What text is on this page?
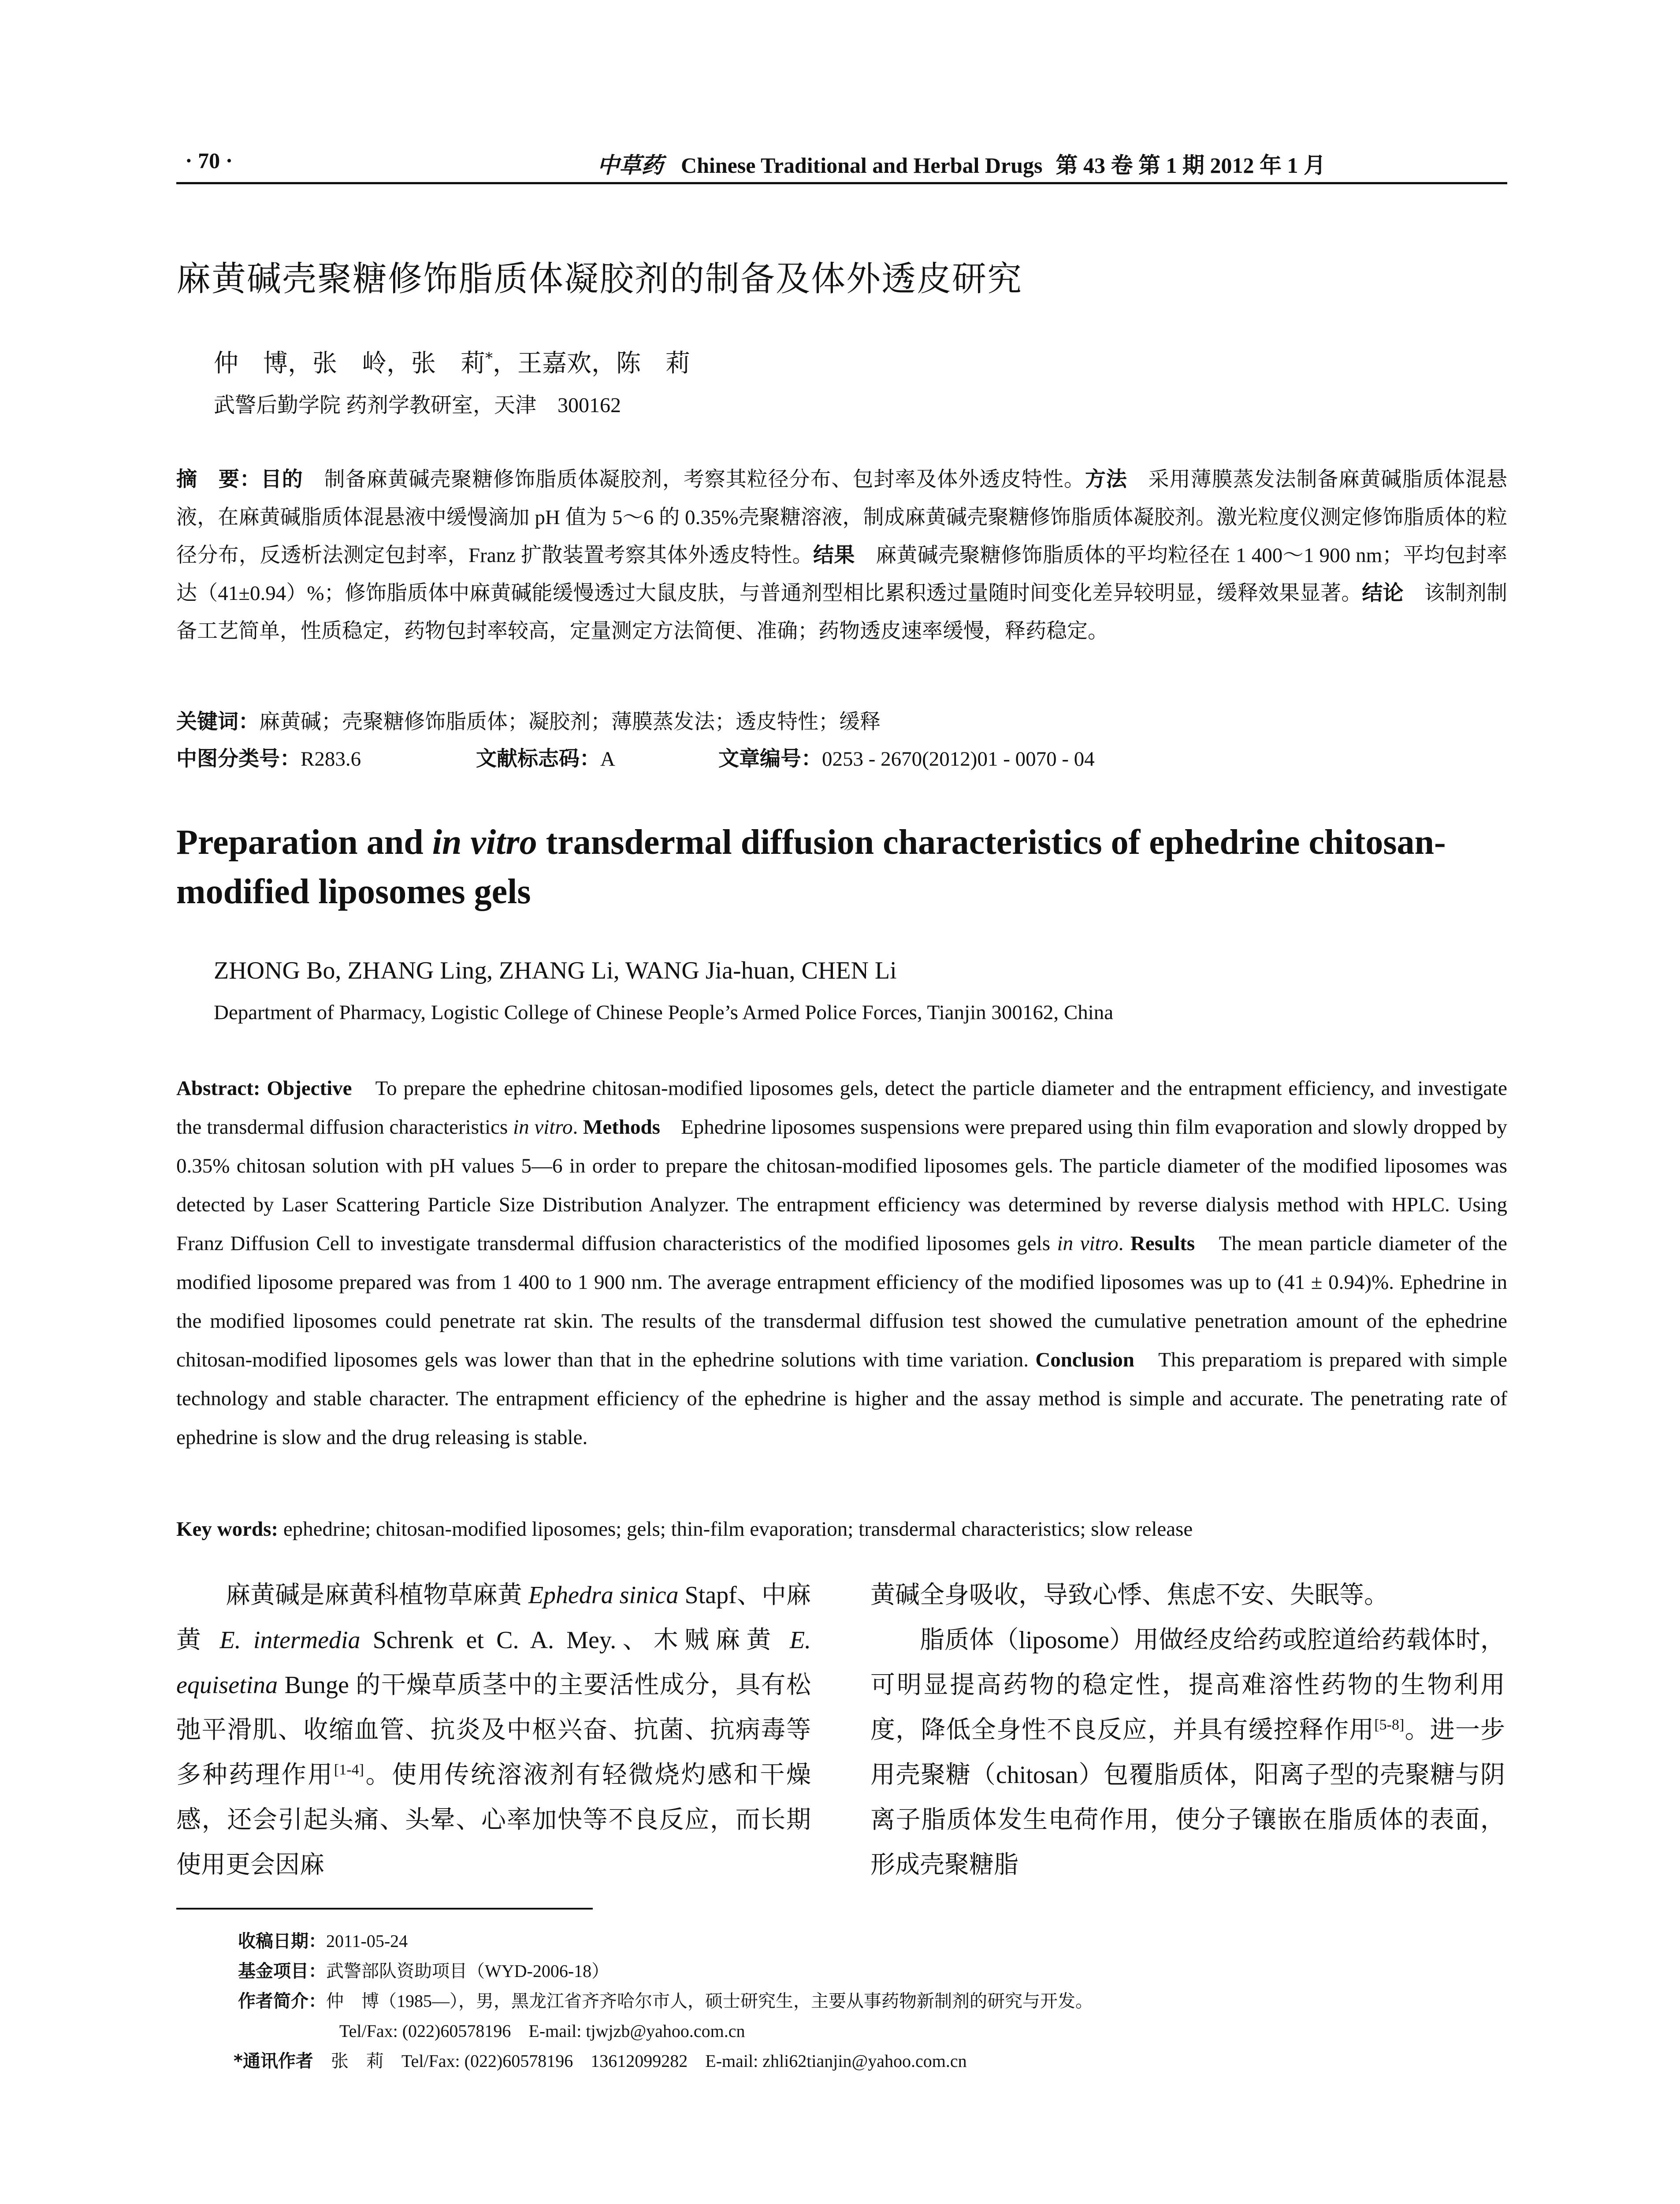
· 70 ·	中草药 Chinese Traditional and Herbal Drugs 第 43 卷 第 1 期 2012 年 1 月
麻黄碱壳聚糖修饰脂质体凝胶剂的制备及体外透皮研究
仲　博，张　岭，张　莉*，王嘉欢，陈　莉
武警后勤学院 药剂学教研室，天津　300162
摘　要：目的　制备麻黄碱壳聚糖修饰脂质体凝胶剂，考察其粒径分布、包封率及体外透皮特性。方法　采用薄膜蒸发法制备麻黄碱脂质体混悬液，在麻黄碱脂质体混悬液中缓慢滴加 pH 值为 5～6 的 0.35%壳聚糖溶液，制成麻黄碱壳聚糖修饰脂质体凝胶剂。激光粒度仪测定修饰脂质体的粒径分布，反透析法测定包封率，Franz 扩散装置考察其体外透皮特性。结果　麻黄碱壳聚糖修饰脂质体的平均粒径在 1 400～1 900 nm；平均包封率达（41±0.94）%；修饰脂质体中麻黄碱能缓慢透过大鼠皮肤，与普通剂型相比累积透过量随时间变化差异较明显，缓释效果显著。结论　该制剂制备工艺简单，性质稳定，药物包封率较高，定量测定方法简便、准确；药物透皮速率缓慢，释药稳定。
关键词：麻黄碱；壳聚糖修饰脂质体；凝胶剂；薄膜蒸发法；透皮特性；缓释
中图分类号：R283.6	文献标志码：A	文章编号：0253 - 2670(2012)01 - 0070 - 04
Preparation and in vitro transdermal diffusion characteristics of ephedrine chitosan-modified liposomes gels
ZHONG Bo, ZHANG Ling, ZHANG Li, WANG Jia-huan, CHEN Li
Department of Pharmacy, Logistic College of Chinese People’s Armed Police Forces, Tianjin 300162, China
Abstract: Objective　To prepare the ephedrine chitosan-modified liposomes gels, detect the particle diameter and the entrapment efficiency, and investigate the transdermal diffusion characteristics in vitro. Methods　Ephedrine liposomes suspensions were prepared using thin film evaporation and slowly dropped by 0.35% chitosan solution with pH values 5—6 in order to prepare the chitosan-modified liposomes gels. The particle diameter of the modified liposomes was detected by Laser Scattering Particle Size Distribution Analyzer. The entrapment efficiency was determined by reverse dialysis method with HPLC. Using Franz Diffusion Cell to investigate transdermal diffusion characteristics of the modified liposomes gels in vitro. Results　The mean particle diameter of the modified liposome prepared was from 1 400 to 1 900 nm. The average entrapment efficiency of the modified liposomes was up to (41 ± 0.94)%. Ephedrine in the modified liposomes could penetrate rat skin. The results of the transdermal diffusion test showed the cumulative penetration amount of the ephedrine chitosan-modified liposomes gels was lower than that in the ephedrine solutions with time variation. Conclusion　This preparatiom is prepared with simple technology and stable character. The entrapment efficiency of the ephedrine is higher and the assay method is simple and accurate. The penetrating rate of ephedrine is slow and the drug releasing is stable.
Key words: ephedrine; chitosan-modified liposomes; gels; thin-film evaporation; transdermal characteristics; slow release

麻黄碱是麻黄科植物草麻黄 Ephedra sinica Stapf、中麻黄 E. intermedia Schrenk et C. A. Mey.、木贼麻黄 E. equisetina Bunge 的干燥草质茎中的主要活性成分，具有松弛平滑肌、收缩血管、抗炎及中枢兴奋、抗菌、抗病毒等多种药理作用[1-4]。使用传统溶液剂有轻微烧灼感和干燥感，还会引起头痛、头晕、心率加快等不良反应，而长期使用更会因麻

黄碱全身吸收，导致心悸、焦虑不安、失眠等。

脂质体（liposome）用做经皮给药或腔道给药载体时，可明显提高药物的稳定性，提高难溶性药物的生物利用度，降低全身性不良反应，并具有缓控释作用[5-8]。进一步用壳聚糖（chitosan）包覆脂质体，阳离子型的壳聚糖与阴离子脂质体发生电荷作用，使分子镶嵌在脂质体的表面，形成壳聚糖脂

收稿日期：2011-05-24
基金项目：武警部队资助项目（WYD-2006-18）
作者简介：仲　博（1985—），男，黑龙江省齐齐哈尔市人，硕士研究生，主要从事药物新制剂的研究与开发。
Tel/Fax: (022)60578196　E-mail: tjwjzb@yahoo.com.cn
*通讯作者　张　莉　Tel/Fax: (022)60578196　13612099282　E-mail: zhli62tianjin@yahoo.com.cn
